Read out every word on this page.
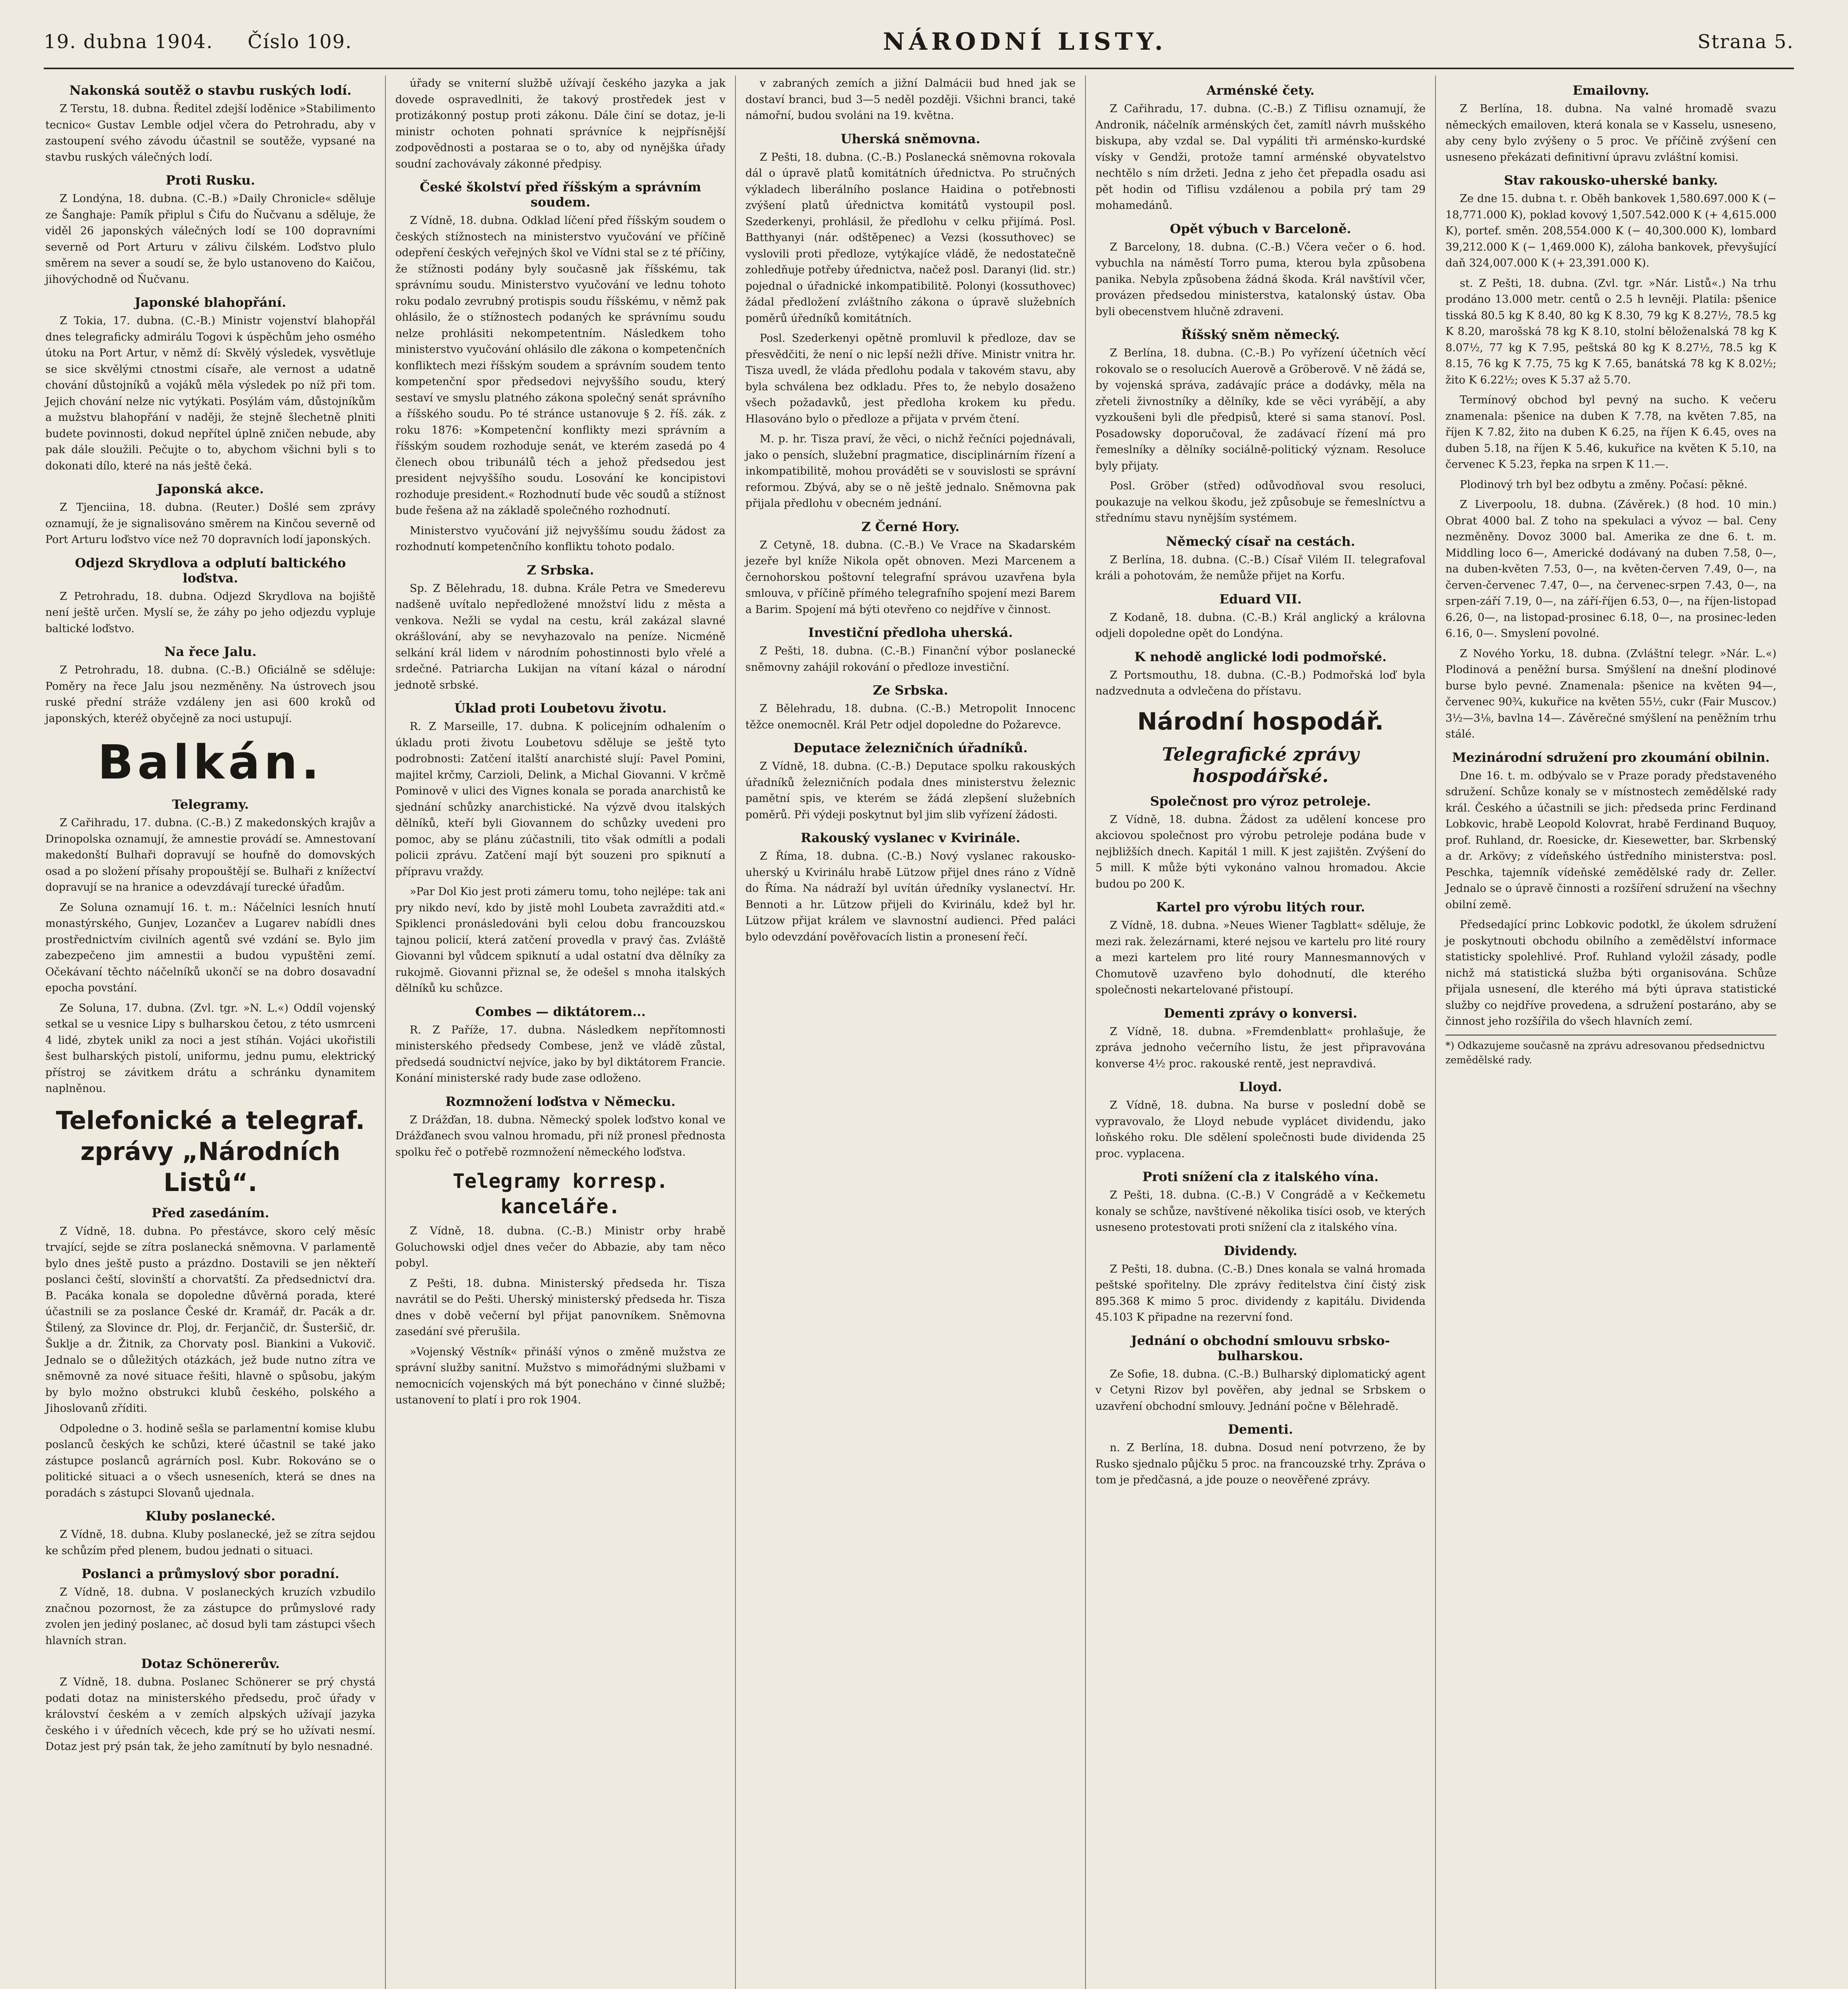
19. dubna 1904. Číslo 109.	NÁRODNÍ LISTY.	Strana 5.
Nakonská soutěž o stavbu ruských lodí.

Z Terstu, 18. dubna. Ředitel zdejší loděnice »Stabilimento tecnico« Gustav Lemble odjel včera do Petrohradu, aby v zastoupení svého závodu účastnil se soutěže, vypsané na stavbu ruských válečných lodí.

Proti Rusku.

Z Londýna, 18. dubna. (C.-B.) »Daily Chronicle« sděluje ze Šanghaje: Pamík připlul s Čifu do Ňučvanu a sděluje, že viděl 26 japonských válečných lodí se 100 dopravními severně od Port Arturu v zálivu čilském. Loďstvo plulo směrem na sever a soudí se, že bylo ustanoveno do Kaičou, jihovýchodně od Ňučvanu.

Japonské blahopřání.

Z Tokia, 17. dubna. (C.-B.) Ministr vojenství blahopřál dnes telegraficky admirálu Togovi k úspěchům jeho osmého útoku na Port Artur, v němž dí: Skvělý výsledek, vysvětluje se sice skvělými ctnostmi císaře, ale vernost a udatně chování důstojníků a vojáků měla výsledek po níž při tom. Jejich chování nelze nic vytýkati. Posýlám vám, důstojníkům a mužstvu blahopřání v naději, že stejně šlechetně plniti budete povinnosti, dokud nepřítel úplně zničen nebude, aby pak dále sloužili. Pečujte o to, abychom všichni byli s to dokonati dílo, které na nás ještě čeká.

Japonská akce.

Z Tjenciina, 18. dubna. (Reuter.) Došlé sem zprávy oznamují, že je signalisováno směrem na Kinčou severně od Port Arturu loďstvo více než 70 dopravních lodí japonských.

Odjezd Skrydlova a odplutí baltického loďstva.

Z Petrohradu, 18. dubna. Odjezd Skrydlova na bojiště není ještě určen. Myslí se, že záhy po jeho odjezdu vypluje baltické loďstvo.

Na řece Jalu.

Z Petrohradu, 18. dubna. (C.-B.) Oficiálně se sděluje: Poměry na řece Jalu jsou nezměněny. Na ústrovech jsou ruské přední stráže vzdáleny jen asi 600 kroků od japonských, kteréž obyčejně za noci ustupují.

Balkán.
Telegramy.

Z Cařihradu, 17. dubna. (C.-B.) Z makedonských krajův a Drinopolska oznamují, že amnestie provádí se. Amnestovaní makedonští Bulhaři dopravují se houfně do domovských osad a po složení přísahy propouštějí se. Bulhaři z knížectví dopravují se na hranice a odevzdávají turecké úřadům.

Ze Soluna oznamují 16. t. m.: Náčelníci lesních hnutí monastýrského, Gunjev, Lozančev a Lugarev nabídli dnes prostřednictvím civilních agentů své vzdání se. Bylo jim zabezpečeno jim amnestii a budou vypuštěni zemí. Očekávaní těchto náčelníků ukončí se na dobro dosavadní epocha povstání.

Ze Soluna, 17. dubna. (Zvl. tgr. »N. L.«) Oddíl vojenský setkal se u vesnice Lipy s bulharskou četou, z této usmrceni 4 lidé, zbytek unikl za noci a jest stíhán. Vojáci ukořistili šest bulharských pistolí, uniformu, jednu pumu, elektrický přístroj se závitkem drátu a schránku dynamitem naplněnou.

Telefonické a telegraf. zprávy „Národních Listů“.
Před zasedáním.

Z Vídně, 18. dubna. Po přestávce, skoro celý měsíc trvající, sejde se zítra poslanecká sněmovna. V parlamentě bylo dnes ještě pusto a prázdno. Dostavili se jen někteří poslanci čeští, slovinští a chorvatští. Za předsednictví dra. B. Pacáka konala se dopoledne důvěrná porada, které účastnili se za poslance České dr. Kramář, dr. Pacák a dr. Štilený, za Slovince dr. Ploj, dr. Ferjančič, dr. Šusteršič, dr. Šuklje a dr. Žitnik, za Chorvaty posl. Biankini a Vukovič. Jednalo se o důležitých otázkách, jež bude nutno zítra ve sněmovně za nové situace řešiti, hlavně o spůsobu, jakým by bylo možno obstrukci klubů českého, polského a Jihoslovanů zříditi.

Odpoledne o 3. hodině sešla se parlamentní komise klubu poslanců českých ke schůzi, které účastnil se také jako zástupce poslanců agrárních posl. Kubr. Rokováno se o politické situaci a o všech usneseních, která se dnes na poradách s zástupci Slovanů ujednala.

Kluby poslanecké.

Z Vídně, 18. dubna. Kluby poslanecké, jež se zítra sejdou ke schůzím před plenem, budou jednati o situaci.

Poslanci a průmyslový sbor poradní.

Z Vídně, 18. dubna. V poslaneckých kruzích vzbudilo značnou pozornost, že za zástupce do průmyslové rady zvolen jen jediný poslanec, ač dosud byli tam zástupci všech hlavních stran.

Dotaz Schönererův.

Z Vídně, 18. dubna. Poslanec Schönerer se prý chystá podati dotaz na ministerského předsedu, proč úřady v království českém a v zemích alpských užívají jazyka českého i v úředních věcech, kde prý se ho užívati nesmí. Dotaz jest prý psán tak, že jeho zamítnutí by bylo nesnadné.

úřady se vniterní službě užívají českého jazyka a jak dovede ospravedlniti, že takový prostředek jest v protizákonný postup proti zákonu. Dále činí se dotaz, je-li ministr ochoten pohnati správníce k nejpřísnější zodpovědnosti a postaraa se o to, aby od nynějška úřady soudní zachovávaly zákonné předpisy.

České školství před říšským a správním soudem.

Z Vídně, 18. dubna. Odklad líčení před říšským soudem o českých stížnostech na ministerstvo vyučování ve příčině odepření českých veřejných škol ve Vídni stal se z té příčiny, že stížnosti podány byly současně jak říšskému, tak správnímu soudu. Ministerstvo vyučování ve lednu tohoto roku podalo zevrubný protispis soudu říšskému, v němž pak ohlásilo, že o stížnostech podaných ke správnímu soudu nelze prohlásiti nekompetentním. Následkem toho ministerstvo vyučování ohlásilo dle zákona o kompetenčních konfliktech mezi říšským soudem a správním soudem tento kompetenční spor předsedovi nejvyššího soudu, který sestaví ve smyslu platného zákona společný senát správního a říšského soudu. Po té stránce ustanovuje § 2. říš. zák. z roku 1876: »Kompetenční konflikty mezi správním a říšským soudem rozhoduje senát, ve kterém zasedá po 4 členech obou tribunálů téch a jehož předsedou jest president nejvyššího soudu. Losování ke koncipistovi rozhoduje president.« Rozhodnutí bude věc soudů a stížnost bude řešena až na základě společného rozhodnutí.

Ministerstvo vyučování již nejvyššímu soudu žádost za rozhodnutí kompetenčního konfliktu tohoto podalo.

Z Srbska.

Sp. Z Bělehradu, 18. dubna. Krále Petra ve Smederevu nadšeně uvítalo nepředložené množství lidu z města a venkova. Nežli se vydal na cestu, král zakázal slavné okrášlování, aby se nevyhazovalo na peníze. Nicméně selkání král lidem v národním pohostinnosti bylo vřelé a srdečné. Patriarcha Lukijan na vítaní kázal o národní jednotě srbské.

Úklad proti Loubetovu životu.

R. Z Marseille, 17. dubna. K policejním odhalením o úkladu proti životu Loubetovu sděluje se ještě tyto podrobnosti: Zatčení italští anarchisté slují: Pavel Pomini, majitel krčmy, Carzioli, Delink, a Michal Giovanni. V krčmě Pominově v ulici des Vignes konala se porada anarchistů ke sjednání schůzky anarchistické. Na výzvě dvou italských dělníků, kteří byli Giovannem do schůzky uvedeni pro pomoc, aby se plánu zúčastnili, tito však odmítli a podali policii zprávu. Zatčení mají být souzeni pro spiknutí a přípravu vraždy.

»Par Dol Kio jest proti zámeru tomu, toho nejlépe: tak ani pry nikdo neví, kdo by jistě mohl Loubeta zavražditi atd.« Spiklenci pronásledováni byli celou dobu francouzskou tajnou policií, která zatčení provedla v pravý čas. Zvláště Giovanni byl vůdcem spiknutí a udal ostatní dva dělníky za rukojmě. Giovanni přiznal se, že odešel s mnoha italských dělníků ku schůzce.

Combes — diktátorem...

R. Z Paříže, 17. dubna. Následkem nepřítomnosti ministerského předsedy Combese, jenž ve vládě zůstal, předsedá soudnictví nejvíce, jako by byl diktátorem Francie. Konání ministerské rady bude zase odloženo.

Rozmnožení loďstva v Německu.

Z Drážďan, 18. dubna. Německý spolek loďstvo konal ve Drážďanech svou valnou hromadu, při níž pronesl přednosta spolku řeč o potřebě rozmnožení německého loďstva.

Telegramy korresp. kanceláře.

Z Vídně, 18. dubna. (C.-B.) Ministr orby hrabě Goluchowski odjel dnes večer do Abbazie, aby tam něco pobyl.

Z Pešti, 18. dubna. Ministerský předseda hr. Tisza navrátil se do Pešti. Uherský ministerský předseda hr. Tisza dnes v době večerní byl přijat panovníkem. Sněmovna zasedání své přerušila.

»Vojenský Věstník« přináší výnos o změně mužstva ze správní služby sanitní. Mužstvo s mimořádnými službami v nemocnicích vojenských má být ponecháno v činné službě; ustanovení to platí i pro rok 1904.

v zabraných zemích a jižní Dalmácii bud hned jak se dostaví branci, bud 3—5 neděl později. Všichni branci, také námořní, budou svoláni na 19. května.

Uherská sněmovna.

Z Pešti, 18. dubna. (C.-B.) Poslanecká sněmovna rokovala dál o úpravě platů komitátních úřednictva. Po stručných výkladech liberálního poslance Haidina o potřebnosti zvýšení platů úřednictva komitátů vystoupil posl. Szederkenyi, prohlásil, že předlohu v celku přijímá. Posl. Batthyanyi (nár. odštěpenec) a Vezsi (kossuthovec) se vyslovili proti předloze, vytýkajíce vládě, že nedostatečně zohledňuje potřeby úřednictva, načež posl. Daranyi (lid. str.) pojednal o úřadnické inkompatibilitě. Polonyi (kossuthovec) žádal předložení zvláštního zákona o úpravě služebních poměrů úředníků komitátních.

Posl. Szederkenyi opětně promluvil k předloze, dav se přesvědčiti, že není o nic lepší nežli dříve. Ministr vnitra hr. Tisza uvedl, že vláda předlohu podala v takovém stavu, aby byla schválena bez odkladu. Přes to, že nebylo dosaženo všech požadavků, jest předloha krokem ku předu. Hlasováno bylo o předloze a přijata v prvém čtení.

M. p. hr. Tisza praví, že věci, o nichž řečníci pojednávali, jako o pensích, služební pragmatice, disciplinárním řízení a inkompatibilitě, mohou prováděti se v souvislosti se správní reformou. Zbývá, aby se o ně ještě jednalo. Sněmovna pak přijala předlohu v obecném jednání.

Z Černé Hory.

Z Cetyně, 18. dubna. (C.-B.) Ve Vrace na Skadarském jezeře byl kníže Nikola opět obnoven. Mezi Marcenem a černohorskou poštovní telegrafní správou uzavřena byla smlouva, v příčině přímého telegrafního spojení mezi Barem a Barim. Spojení má býti otevřeno co nejdříve v činnost.

Investiční předloha uherská.

Z Pešti, 18. dubna. (C.-B.) Finanční výbor poslanecké sněmovny zahájil rokování o předloze investiční.

Ze Srbska.

Z Bělehradu, 18. dubna. (C.-B.) Metropolit Innocenc těžce onemocněl. Král Petr odjel dopoledne do Požarevce.

Deputace železničních úřadníků.

Z Vídně, 18. dubna. (C.-B.) Deputace spolku rakouských úřadníků železničních podala dnes ministerstvu železnic pamětní spis, ve kterém se žádá zlepšení služebních poměrů. Při výdeji poskytnut byl jim slib vyřízení žádosti.

Rakouský vyslanec v Kvirinále.

Z Říma, 18. dubna. (C.-B.) Nový vyslanec rakousko-uherský u Kvirinálu hrabě Lützow přijel dnes ráno z Vídně do Říma. Na nádraží byl uvítán úředníky vyslanectví. Hr. Bennoti a hr. Lützow přijeli do Kvirinálu, kdež byl hr. Lützow přijat králem ve slavnostní audienci. Před paláci bylo odevzdání pověřovacích listin a pronesení řečí.

Arménské čety.

Z Cařihradu, 17. dubna. (C.-B.) Z Tiflisu oznamují, že Andronik, náčelník arménských čet, zamítl návrh mušského biskupa, aby vzdal se. Dal vypáliti tři arménsko-kurdské vísky v Gendži, protože tamní arménské obyvatelstvo nechtělo s ním držeti. Jedna z jeho čet přepadla osadu asi pět hodin od Tiflisu vzdálenou a pobila prý tam 29 mohamedánů.

Opět výbuch v Barceloně.

Z Barcelony, 18. dubna. (C.-B.) Včera večer o 6. hod. vybuchla na náměstí Torro puma, kterou byla způsobena panika. Nebyla způsobena žádná škoda. Král navštívil včer, provázen předsedou ministerstva, katalonský ústav. Oba byli obecenstvem hlučně zdraveni.

Říšský sněm německý.

Z Berlína, 18. dubna. (C.-B.) Po vyřízení účetních věcí rokovalo se o resolucích Auerově a Gröberově. V ně žádá se, by vojenská správa, zadávajíc práce a dodávky, měla na zřeteli živnostníky a dělníky, kde se věci vyrábějí, a aby vyzkoušeni byli dle předpisů, které si sama stanoví. Posl. Posadowsky doporučoval, že zadávací řízení má pro řemeslníky a dělníky sociálně-politický význam. Resoluce byly přijaty.

Posl. Gröber (střed) odůvodňoval svou resoluci, poukazuje na velkou škodu, jež způsobuje se řemeslníctvu a střednímu stavu nynějším systémem.

Německý císař na cestách.

Z Berlína, 18. dubna. (C.-B.) Císař Vilém II. telegrafoval králi a pohotovám, že nemůže přijet na Korfu.

Eduard VII.

Z Kodaně, 18. dubna. (C.-B.) Král anglický a královna odjeli dopoledne opět do Londýna.

K nehodě anglické lodi podmořské.

Z Portsmouthu, 18. dubna. (C.-B.) Podmořská loď byla nadzvednuta a odvlečena do přístavu.

Národní hospodář.
Telegrafické zprávy hospodářské.
Společnost pro výroz petroleje.

Z Vídně, 18. dubna. Žádost za udělení koncese pro akciovou společnost pro výrobu petroleje podána bude v nejbližších dnech. Kapitál 1 mill. K jest zajištěn. Zvýšení do 5 mill. K může býti vykonáno valnou hromadou. Akcie budou po 200 K.

Kartel pro výrobu litých rour.

Z Vídně, 18. dubna. »Neues Wiener Tagblatt« sděluje, že mezi rak. železárnami, které nejsou ve kartelu pro lité roury a mezi kartelem pro lité roury Mannesmannových v Chomutově uzavřeno bylo dohodnutí, dle kterého společnosti nekartelované přistoupí.

Dementi zprávy o konversi.

Z Vídně, 18. dubna. »Fremdenblatt« prohlašuje, že zpráva jednoho večerního listu, že jest připravována konverse 4½ proc. rakouské rentě, jest nepravdivá.

Lloyd.

Z Vídně, 18. dubna. Na burse v poslední době se vypravovalo, že Lloyd nebude vyplácet dividendu, jako loňského roku. Dle sdělení společnosti bude dividenda 25 proc. vyplacena.

Proti snížení cla z italského vína.

Z Pešti, 18. dubna. (C.-B.) V Congrádě a v Kečkemetu konaly se schůze, navštívené několika tisíci osob, ve kterých usneseno protestovati proti snížení cla z italského vína.

Dividendy.

Z Pešti, 18. dubna. (C.-B.) Dnes konala se valná hromada peštské spořitelny. Dle zprávy ředitelstva činí čistý zisk 895.368 K mimo 5 proc. dividendy z kapitálu. Dividenda 45.103 K připadne na rezervní fond.

Jednání o obchodní smlouvu srbsko-bulharskou.

Ze Sofie, 18. dubna. (C.-B.) Bulharský diplomatický agent v Cetyni Rizov byl pověřen, aby jednal se Srbskem o uzavření obchodní smlouvy. Jednání počne v Bělehradě.

Dementi.

n. Z Berlína, 18. dubna. Dosud není potvrzeno, že by Rusko sjednalo půjčku 5 proc. na francouzské trhy. Zpráva o tom je předčasná, a jde pouze o neověřené zprávy.

Emailovny.

Z Berlína, 18. dubna. Na valné hromadě svazu německých emailoven, která konala se v Kasselu, usneseno, aby ceny bylo zvýšeny o 5 proc. Ve příčině zvýšení cen usneseno překázati definitivní úpravu zvláštní komisi.

Stav rakousko-uherské banky.

Ze dne 15. dubna t. r. Oběh bankovek 1,580.697.000 K (− 18,771.000 K), poklad kovový 1,507.542.000 K (+ 4,615.000 K), portef. směn. 208,554.000 K (− 40,300.000 K), lombard 39,212.000 K (− 1,469.000 K), záloha bankovek, převyšující daň 324,007.000 K (+ 23,391.000 K).

st. Z Pešti, 18. dubna. (Zvl. tgr. »Nár. Listů«.) Na trhu prodáno 13.000 metr. centů o 2.5 h levněji. Platila: pšenice tisská 80.5 kg K 8.40, 80 kg K 8.30, 79 kg K 8.27½, 78.5 kg K 8.20, marošská 78 kg K 8.10, stolní běloženalská 78 kg K 8.07½, 77 kg K 7.95, peštská 80 kg K 8.27½, 78.5 kg K 8.15, 76 kg K 7.75, 75 kg K 7.65, banátská 78 kg K 8.02½; žito K 6.22½; oves K 5.37 až 5.70.

Termínový obchod byl pevný na sucho. K večeru znamenala: pšenice na duben K 7.78, na květen 7.85, na říjen K 7.82, žito na duben K 6.25, na říjen K 6.45, oves na duben 5.18, na říjen K 5.46, kukuřice na květen K 5.10, na červenec K 5.23, řepka na srpen K 11.—.

Plodinový trh byl bez odbytu a změny. Počasí: pěkné.

Z Liverpoolu, 18. dubna. (Závěrek.) (8 hod. 10 min.) Obrat 4000 bal. Z toho na spekulaci a vývoz — bal. Ceny nezměněny. Dovoz 3000 bal. Amerika ze dne 6. t. m. Middling loco 6—, Americké dodávaný na duben 7.58, 0—, na duben-květen 7.53, 0—, na květen-červen 7.49, 0—, na červen-červenec 7.47, 0—, na červenec-srpen 7.43, 0—, na srpen-září 7.19, 0—, na září-říjen 6.53, 0—, na říjen-listopad 6.26, 0—, na listopad-prosinec 6.18, 0—, na prosinec-leden 6.16, 0—. Smyslení povolné.

Z Nového Yorku, 18. dubna. (Zvláštní telegr. »Nár. L.«) Plodinová a peněžní bursa. Smýšlení na dnešní plodinové burse bylo pevné. Znamenala: pšenice na květen 94—, červenec 90¾, kukuřice na květen 55½, cukr (Fair Muscov.) 3½—3⅛, bavlna 14—. Závěrečné smýšlení na peněžním trhu stálé.

Mezinárodní sdružení pro zkoumání obilnin.

Dne 16. t. m. odbývalo se v Praze porady představeného sdružení. Schůze konaly se v místnostech zemědělské rady král. Českého a účastnili se jich: předseda princ Ferdinand Lobkovic, hrabě Leopold Kolovrat, hrabě Ferdinand Buquoy, prof. Ruhland, dr. Roesicke, dr. Kiesewetter, bar. Skrbenský a dr. Arkövy; z vídeňského ústředního ministerstva: posl. Peschka, tajemník vídeňské zemědělské rady dr. Zeller. Jednalo se o úpravě činnosti a rozšíření sdružení na všechny obilní země.

Předsedající princ Lobkovic podotkl, že úkolem sdružení je poskytnouti obchodu obilního a zemědělství informace statisticky spolehlivé. Prof. Ruhland vyložil zásady, podle nichž má statistická služba býti organisována. Schůze přijala usnesení, dle kterého má býti úprava statistické služby co nejdříve provedena, a sdružení postaráno, aby se činnost jeho rozšířila do všech hlavních zemí.

*) Odkazujeme současně na zprávu adresovanou předsednictvu zemědělské rady.
